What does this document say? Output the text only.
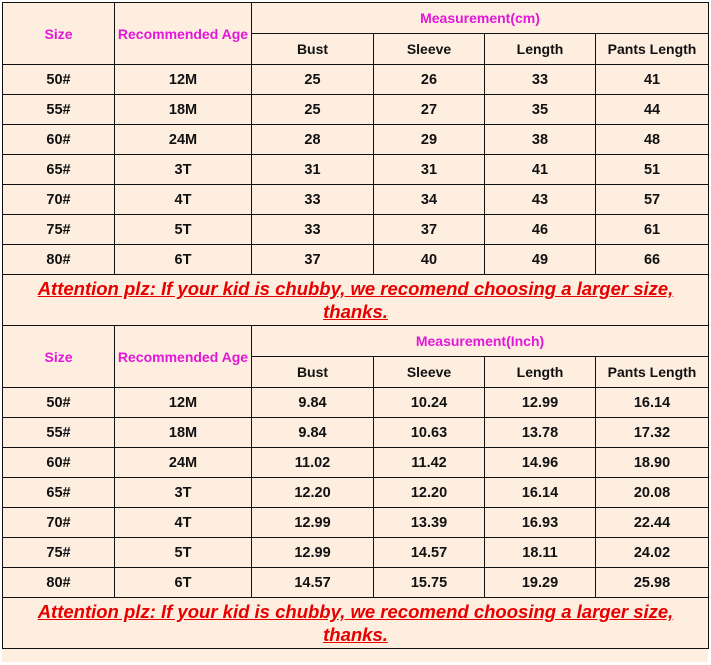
Size	Recommended Age	Measurement(cm)			
		Bust	Sleeve	Length	Pants Length
50#	12M	25	26	33	41
55#	18M	25	27	35	44
60#	24M	28	29	38	48
65#	3T	31	31	41	51
70#	4T	33	34	43	57
75#	5T	33	37	46	61
80#	6T	37	40	49	66
Attention plz: If your kid is chubby, we recomend choosing a larger size, thanks.					
Size	Recommended Age	Measurement(Inch)			
		Bust	Sleeve	Length	Pants Length
50#	12M	9.84	10.24	12.99	16.14
55#	18M	9.84	10.63	13.78	17.32
60#	24M	11.02	11.42	14.96	18.90
65#	3T	12.20	12.20	16.14	20.08
70#	4T	12.99	13.39	16.93	22.44
75#	5T	12.99	14.57	18.11	24.02
80#	6T	14.57	15.75	19.29	25.98
Attention plz: If your kid is chubby, we recomend choosing a larger size, thanks.					
